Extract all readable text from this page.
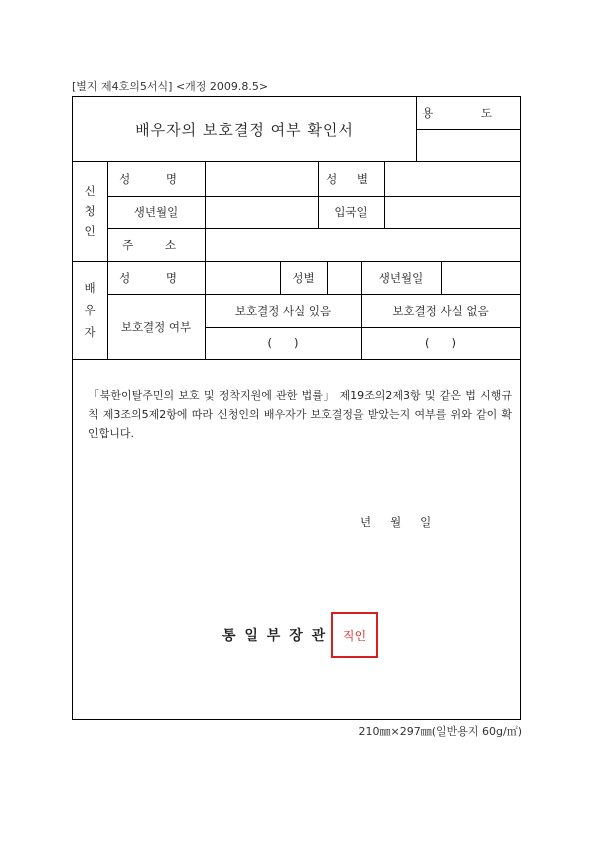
[별지 제4호의5서식] <개정 2009.8.5>
배우자의 보호결정 여부 확인서
용 도
신
청
인
성 명	성 별
생년월일	입국일
주 소
배
우
자
성 명	성별	생년월일
보호결정 여부
보호결정 사실 있음	보호결정 사실 없음
(      )	(      )
「북한이탈주민의 보호 및 정착지원에 관한 법률」 제19조의2제3항 및 같은 법 시행규칙 제3조의5제2항에 따라 신청인의 배우자가 보호결정을 받았는지 여부를 위와 같이 확인합니다.
년   월   일
통 일 부 장 관 직인
210㎜×297㎜(일반용지 60g/㎡)
